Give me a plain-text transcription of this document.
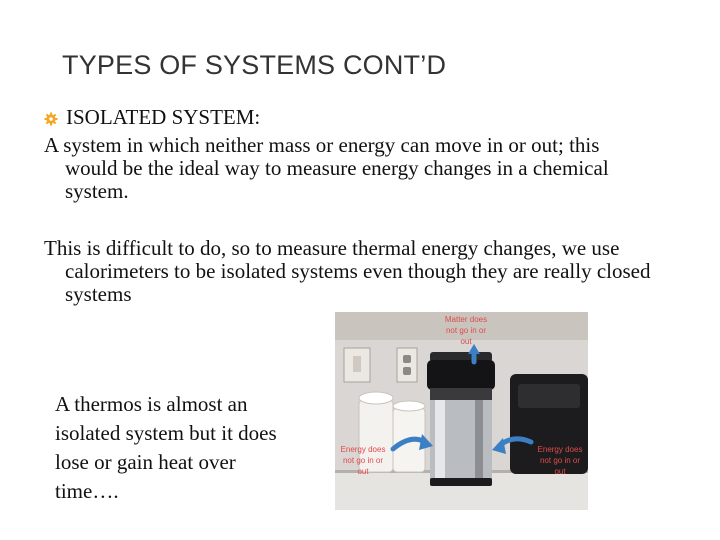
TYPES OF SYSTEMS CONT’D
ISOLATED SYSTEM:

A system in which neither mass or energy can move in or out; this would be the ideal way to measure energy changes in a chemical system.

This is difficult to do, so to measure thermal energy changes, we use calorimeters to be isolated systems even though they are really closed systems

A thermos is almost an isolated system but it does lose or gain heat over time….

Matter does
not go in or
out
Energy does
not go in or
out
Energy does
not go in or
out
